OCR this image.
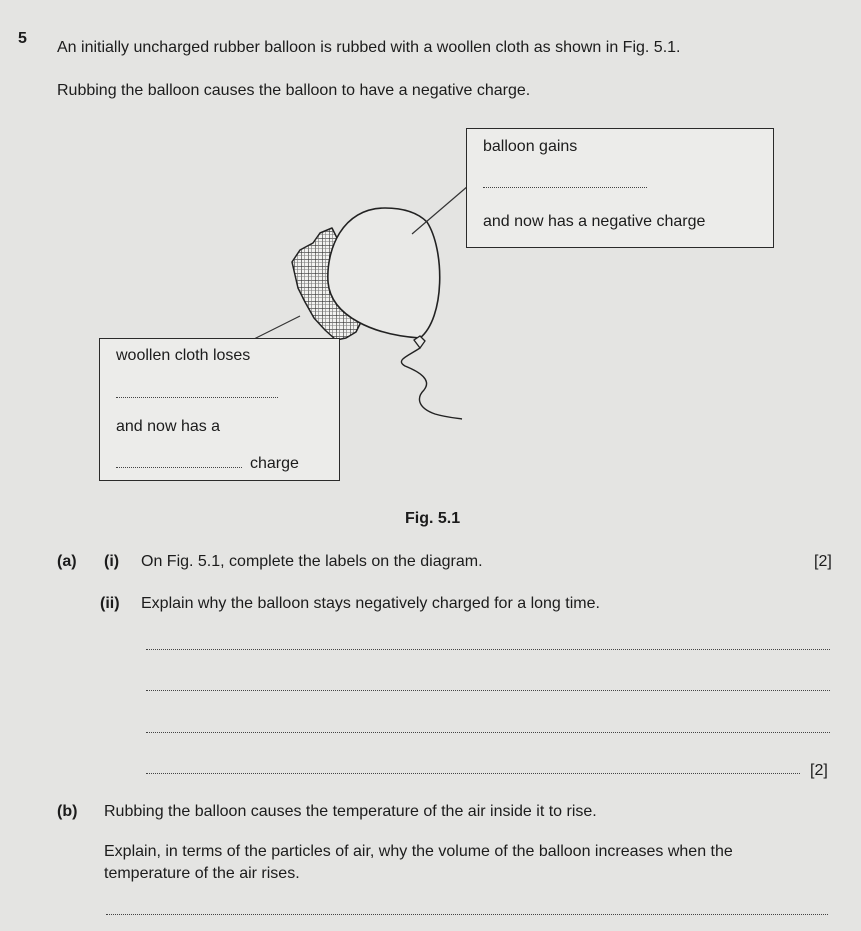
5
An initially uncharged rubber balloon is rubbed with a woollen cloth as shown in Fig. 5.1.
Rubbing the balloon causes the balloon to have a negative charge.
balloon gains
and now has a negative charge
woollen cloth loses
and now has a
charge
Fig. 5.1
(a) (i) On Fig. 5.1, complete the labels on the diagram.	[2]
(ii) Explain why the balloon stays negatively charged for a long time.
[2]
(b) Rubbing the balloon causes the temperature of the air inside it to rise.
Explain, in terms of the particles of air, why the volume of the balloon increases when the
temperature of the air rises.
